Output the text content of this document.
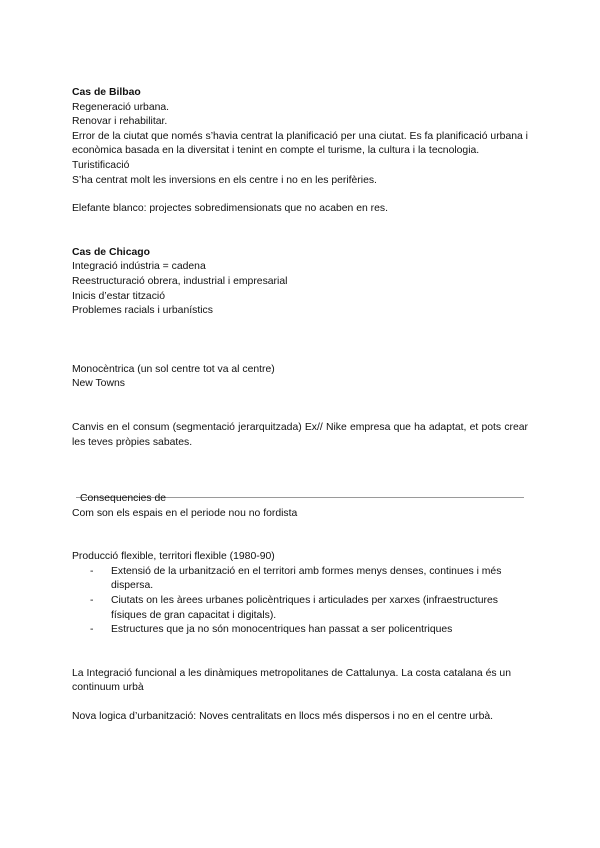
Cas de Bilbao

Regeneració urbana.

Renovar i rehabilitar.

Error de la ciutat que només s’havia centrat la planificació per una ciutat. Es fa planificació urbana i econòmica basada en la diversitat i tenint en compte el turisme, la cultura i la tecnologia.

Turistificació

S’ha centrat molt les inversions en els centre i no en les perifèries.

Elefante blanco: projectes sobredimensionats que no acaben en res.

Cas de Chicago

Integració indústria = cadena

Reestructuració obrera, industrial i empresarial

Inicis d’estar tització

Problemes racials i urbanístics

Monocèntrica (un sol centre tot va al centre)

New Towns

Canvis en el consum (segmentació jerarquitzada) Ex// Nike empresa que ha adaptat, et pots crear les teves pròpies sabates.

Consequencies de

Com son els espais en el periode nou no fordista

Producció flexible, territori flexible (1980-90)

- Extensió de la urbanització en el territori amb formes menys denses, continues i més dispersa.
- Ciutats on les àrees urbanes policèntriques i articulades per xarxes (infraestructures físiques de gran capacitat i digitals).
- Estructures que ja no són monocentriques han passat a ser policentriques

La Integració funcional a les dinàmiques metropolitanes de Cattalunya. La costa catalana és un continuum urbà

Nova logica d’urbanització: Noves centralitats en llocs més dispersos i no en el centre urbà.
